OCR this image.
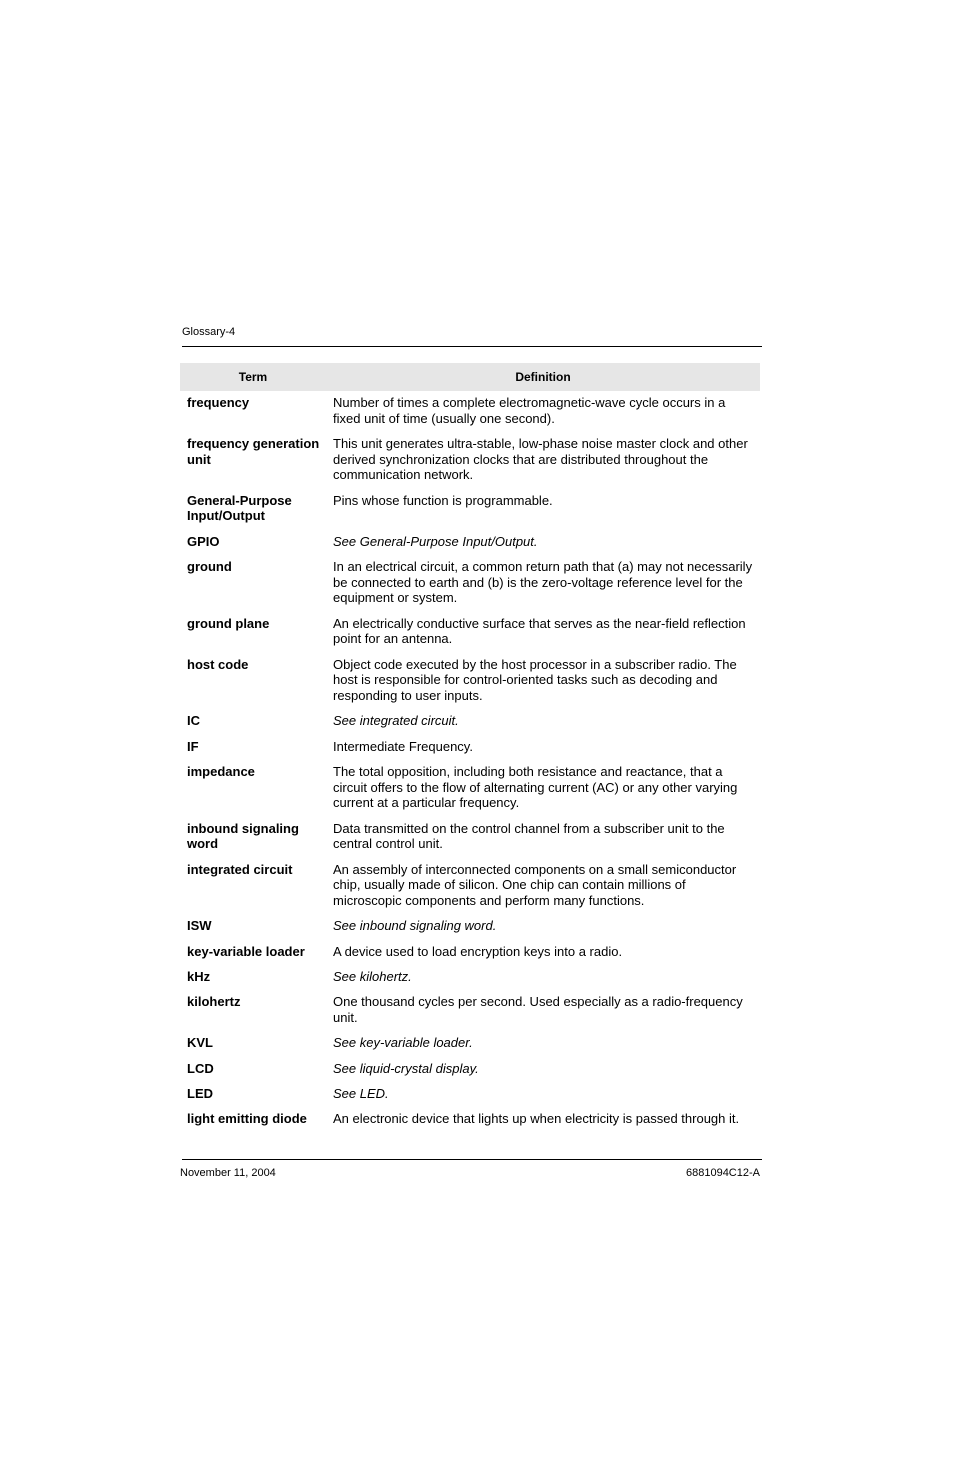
Glossary-4
Term	Definition
frequency	Number of times a complete electromagnetic-wave cycle occurs in a fixed unit of time (usually one second).
frequency generation unit	This unit generates ultra-stable, low-phase noise master clock and other derived synchronization clocks that are distributed throughout the communication network.
General-Purpose Input/Output	Pins whose function is programmable.
GPIO	See General-Purpose Input/Output.
ground	In an electrical circuit, a common return path that (a) may not necessarily be connected to earth and (b) is the zero-voltage reference level for the equipment or system.
ground plane	An electrically conductive surface that serves as the near-field reflection point for an antenna.
host code	Object code executed by the host processor in a subscriber radio. The host is responsible for control-oriented tasks such as decoding and responding to user inputs.
IC	See integrated circuit.
IF	Intermediate Frequency.
impedance	The total opposition, including both resistance and reactance, that a circuit offers to the flow of alternating current (AC) or any other varying current at a particular frequency.
inbound signaling word	Data transmitted on the control channel from a subscriber unit to the central control unit.
integrated circuit	An assembly of interconnected components on a small semiconductor chip, usually made of silicon. One chip can contain millions of microscopic components and perform many functions.
ISW	See inbound signaling word.
key-variable loader	A device used to load encryption keys into a radio.
kHz	See kilohertz.
kilohertz	One thousand cycles per second. Used especially as a radio-frequency unit.
KVL	See key-variable loader.
LCD	See liquid-crystal display.
LED	See LED.
light emitting diode	An electronic device that lights up when electricity is passed through it.
November 11, 2004	6881094C12-A
